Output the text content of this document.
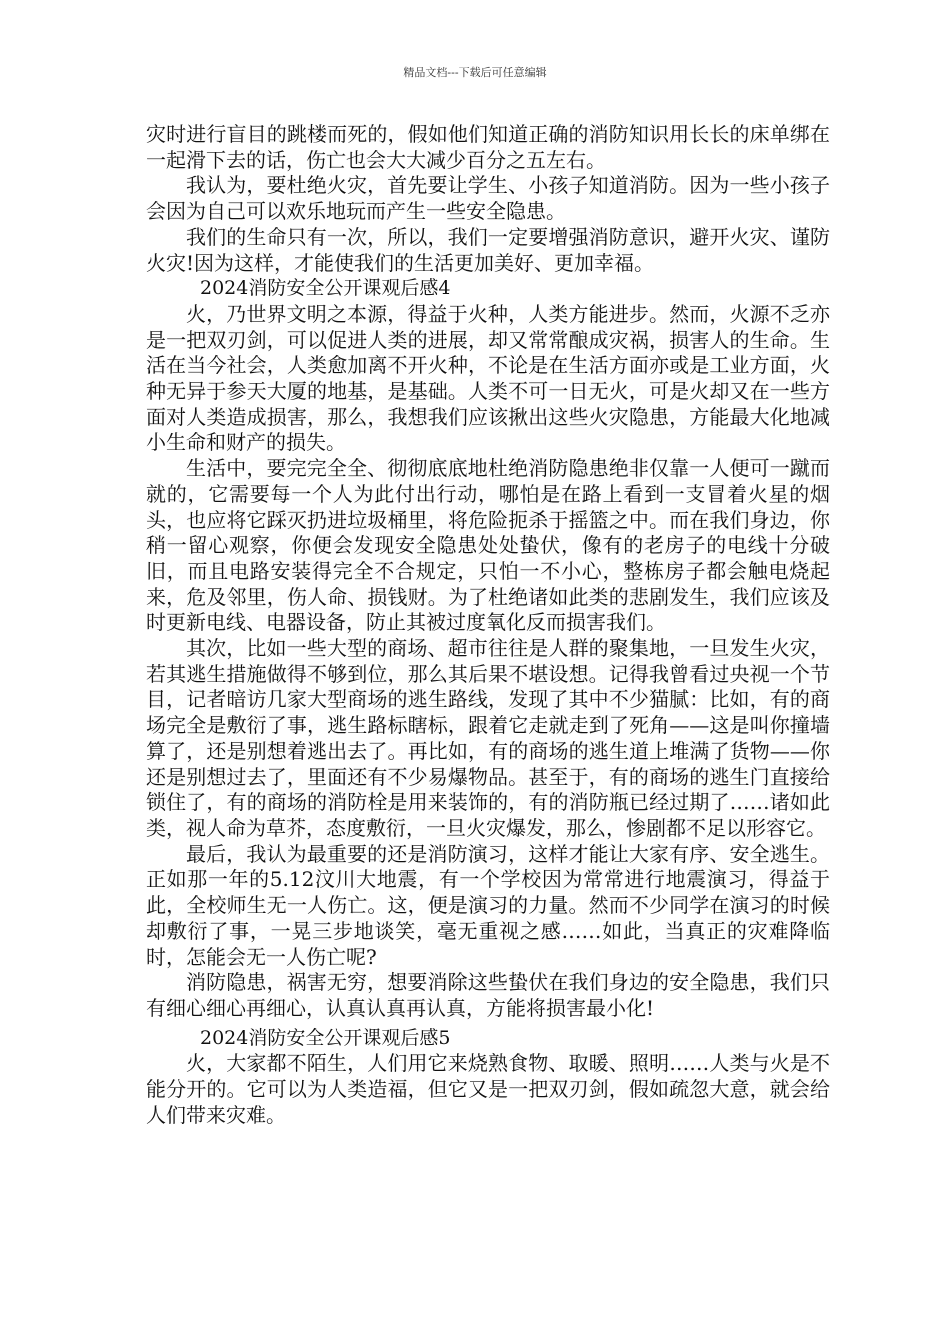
精品文档---下载后可任意编辑

灾时进行盲目的跳楼而死的，假如他们知道正确的消防知识用长长的床单绑在一起滑下去的话，伤亡也会大大减少百分之五左右。

我认为，要杜绝火灾，首先要让学生、小孩子知道消防。因为一些小孩子会因为自己可以欢乐地玩而产生一些安全隐患。

我们的生命只有一次，所以，我们一定要增强消防意识，避开火灾、谨防火灾!因为这样，才能使我们的生活更加美好、更加幸福。

2024消防安全公开课观后感4

火，乃世界文明之本源，得益于火种，人类方能进步。然而，火源不乏亦是一把双刃剑，可以促进人类的进展，却又常常酿成灾祸，损害人的生命。生活在当今社会，人类愈加离不开火种，不论是在生活方面亦或是工业方面，火种无异于参天大厦的地基，是基础。人类不可一日无火，可是火却又在一些方面对人类造成损害，那么，我想我们应该揪出这些火灾隐患，方能最大化地减小生命和财产的损失。

生活中，要完完全全、彻彻底底地杜绝消防隐患绝非仅靠一人便可一蹴而就的，它需要每一个人为此付出行动，哪怕是在路上看到一支冒着火星的烟头，也应将它踩灭扔进垃圾桶里，将危险扼杀于摇篮之中。而在我们身边，你稍一留心观察，你便会发现安全隐患处处蛰伏，像有的老房子的电线十分破旧，而且电路安装得完全不合规定，只怕一不小心，整栋房子都会触电烧起来，危及邻里，伤人命、损钱财。为了杜绝诸如此类的悲剧发生，我们应该及时更新电线、电器设备，防止其被过度氧化反而损害我们。

其次，比如一些大型的商场、超市往往是人群的聚集地，一旦发生火灾，若其逃生措施做得不够到位，那么其后果不堪设想。记得我曾看过央视一个节目，记者暗访几家大型商场的逃生路线，发现了其中不少猫腻：比如，有的商场完全是敷衍了事，逃生路标瞎标，跟着它走就走到了死角——这是叫你撞墙算了，还是别想着逃出去了。再比如，有的商场的逃生道上堆满了货物——你还是别想过去了，里面还有不少易爆物品。甚至于，有的商场的逃生门直接给锁住了，有的商场的消防栓是用来装饰的，有的消防瓶已经过期了……诸如此类，视人命为草芥，态度敷衍，一旦火灾爆发，那么，惨剧都不足以形容它。

最后，我认为最重要的还是消防演习，这样才能让大家有序、安全逃生。正如那一年的5.12汶川大地震，有一个学校因为常常进行地震演习，得益于此，全校师生无一人伤亡。这，便是演习的力量。然而不少同学在演习的时候却敷衍了事，一晃三步地谈笑，毫无重视之感……如此，当真正的灾难降临时，怎能会无一人伤亡呢?

消防隐患，祸害无穷，想要消除这些蛰伏在我们身边的安全隐患，我们只有细心细心再细心，认真认真再认真，方能将损害最小化!

2024消防安全公开课观后感5

火，大家都不陌生，人们用它来烧熟食物、取暖、照明……人类与火是不能分开的。它可以为人类造福，但它又是一把双刃剑，假如疏忽大意，就会给人们带来灾难。
